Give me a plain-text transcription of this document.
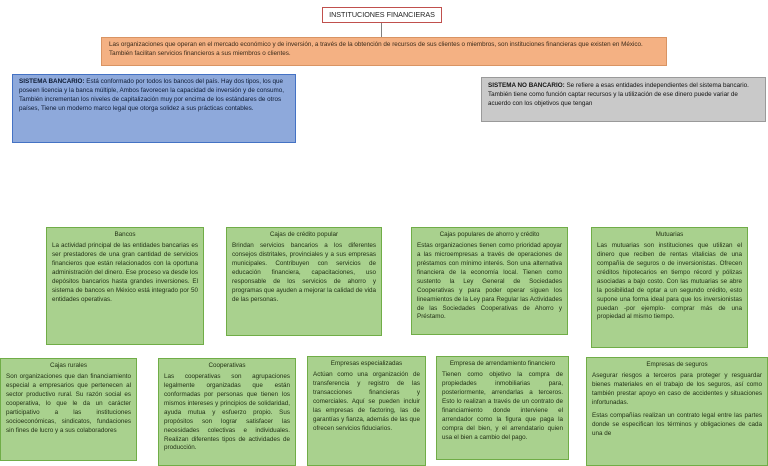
INSTITUCIONES FINANCIERAS
Las organizaciones que operan en el mercado económico y de inversión, a través de la obtención de recursos de sus clientes o miembros, son instituciones financieras que existen en México. También facilitan servicios financieros a sus miembros o clientes.
SISTEMA BANCARIO: Está conformado por todos los bancos del país. Hay dos tipos, los que poseen licencia y la banca múltiple, Ambos favorecen la capacidad de inversión y de consumo, También incrementan los niveles de capitalización muy por encima de los estándares de otros países, Tiene un moderno marco legal que otorga solidez a sus prácticas contables.
SISTEMA NO BANCARIO: Se refiere a esas entidades independientes del sistema bancario. También tiene como función captar recursos y la utilización de ese dinero puede variar de acuerdo con los objetivos que tengan
Bancos
La actividad principal de las entidades bancarias es ser prestadores de una gran cantidad de servicios financieros que están relacionados con la oportuna administración del dinero. Ese proceso va desde los depósitos bancarios hasta grandes inversiones. El sistema de bancos en México está integrado por 50 entidades operativas.
Cajas de crédito popular
Brindan servicios bancarios a los diferentes consejos distritales, provinciales y a sus empresas municipales. Contribuyen con servicios de educación financiera, capacitaciones, uso responsable de los servicios de ahorro y programas que ayuden a mejorar la calidad de vida de las personas.
Cajas populares de ahorro y crédito
Estas organizaciones tienen como prioridad apoyar a las microempresas a través de operaciones de préstamos con mínimo interés. Son una alternativa financiera de la economía local. Tienen como sustento la Ley General de Sociedades Cooperativas y para poder operar siguen los lineamientos de la Ley para Regular las Actividades de las Sociedades Cooperativas de Ahorro y Préstamo.
Mutuarias
Las mutuarias son instituciones que utilizan el dinero que reciben de rentas vitalicias de una compañía de seguros o de inversionistas. Ofrecen créditos hipotecarios en tiempo récord y pólizas asociadas a bajo costo. Con las mutuarias se abre la posibilidad de optar a un segundo crédito, esto supone una forma ideal para que los inversionistas puedan -por ejemplo- comprar más de una propiedad al mismo tiempo.
Cajas rurales
Son organizaciones que dan financiamiento especial a empresarios que pertenecen al sector productivo rural. Su razón social es cooperativa, lo que le da un carácter participativo a las instituciones socioeconómicas, sindicatos, fundaciones sin fines de lucro y a sus colaboradores
Cooperativas
Las cooperativas son agrupaciones legalmente organizadas que están conformadas por personas que tienen los mismos intereses y principios de solidaridad, ayuda mutua y esfuerzo propio. Sus propósitos son lograr satisfacer las necesidades colectivas e individuales. Realizan diferentes tipos de actividades de producción.
Empresas especializadas
Actúan como una organización de transferencia y registro de las transacciones financieras y comerciales. Aquí se pueden incluir las empresas de factoring, las de garantías y fianza, además de las que ofrecen servicios fiduciarios.
Empresa de arrendamiento financiero
Tienen como objetivo la compra de propiedades inmobiliarias para, posteriormente, arrendarlas a terceros. Esto lo realizan a través de un contrato de financiamiento donde interviene el arrendador como la figura que paga la compra del bien, y el arrendatario quien usa el bien a cambio del pago.
Empresas de seguros
Asegurar riesgos a terceros para proteger y resguardar bienes materiales en el trabajo de los seguros, así como también prestar apoyo en caso de accidentes y situaciones infortunadas.
Estas compañías realizan un contrato legal entre las partes donde se especifican los términos y obligaciones de cada una de
